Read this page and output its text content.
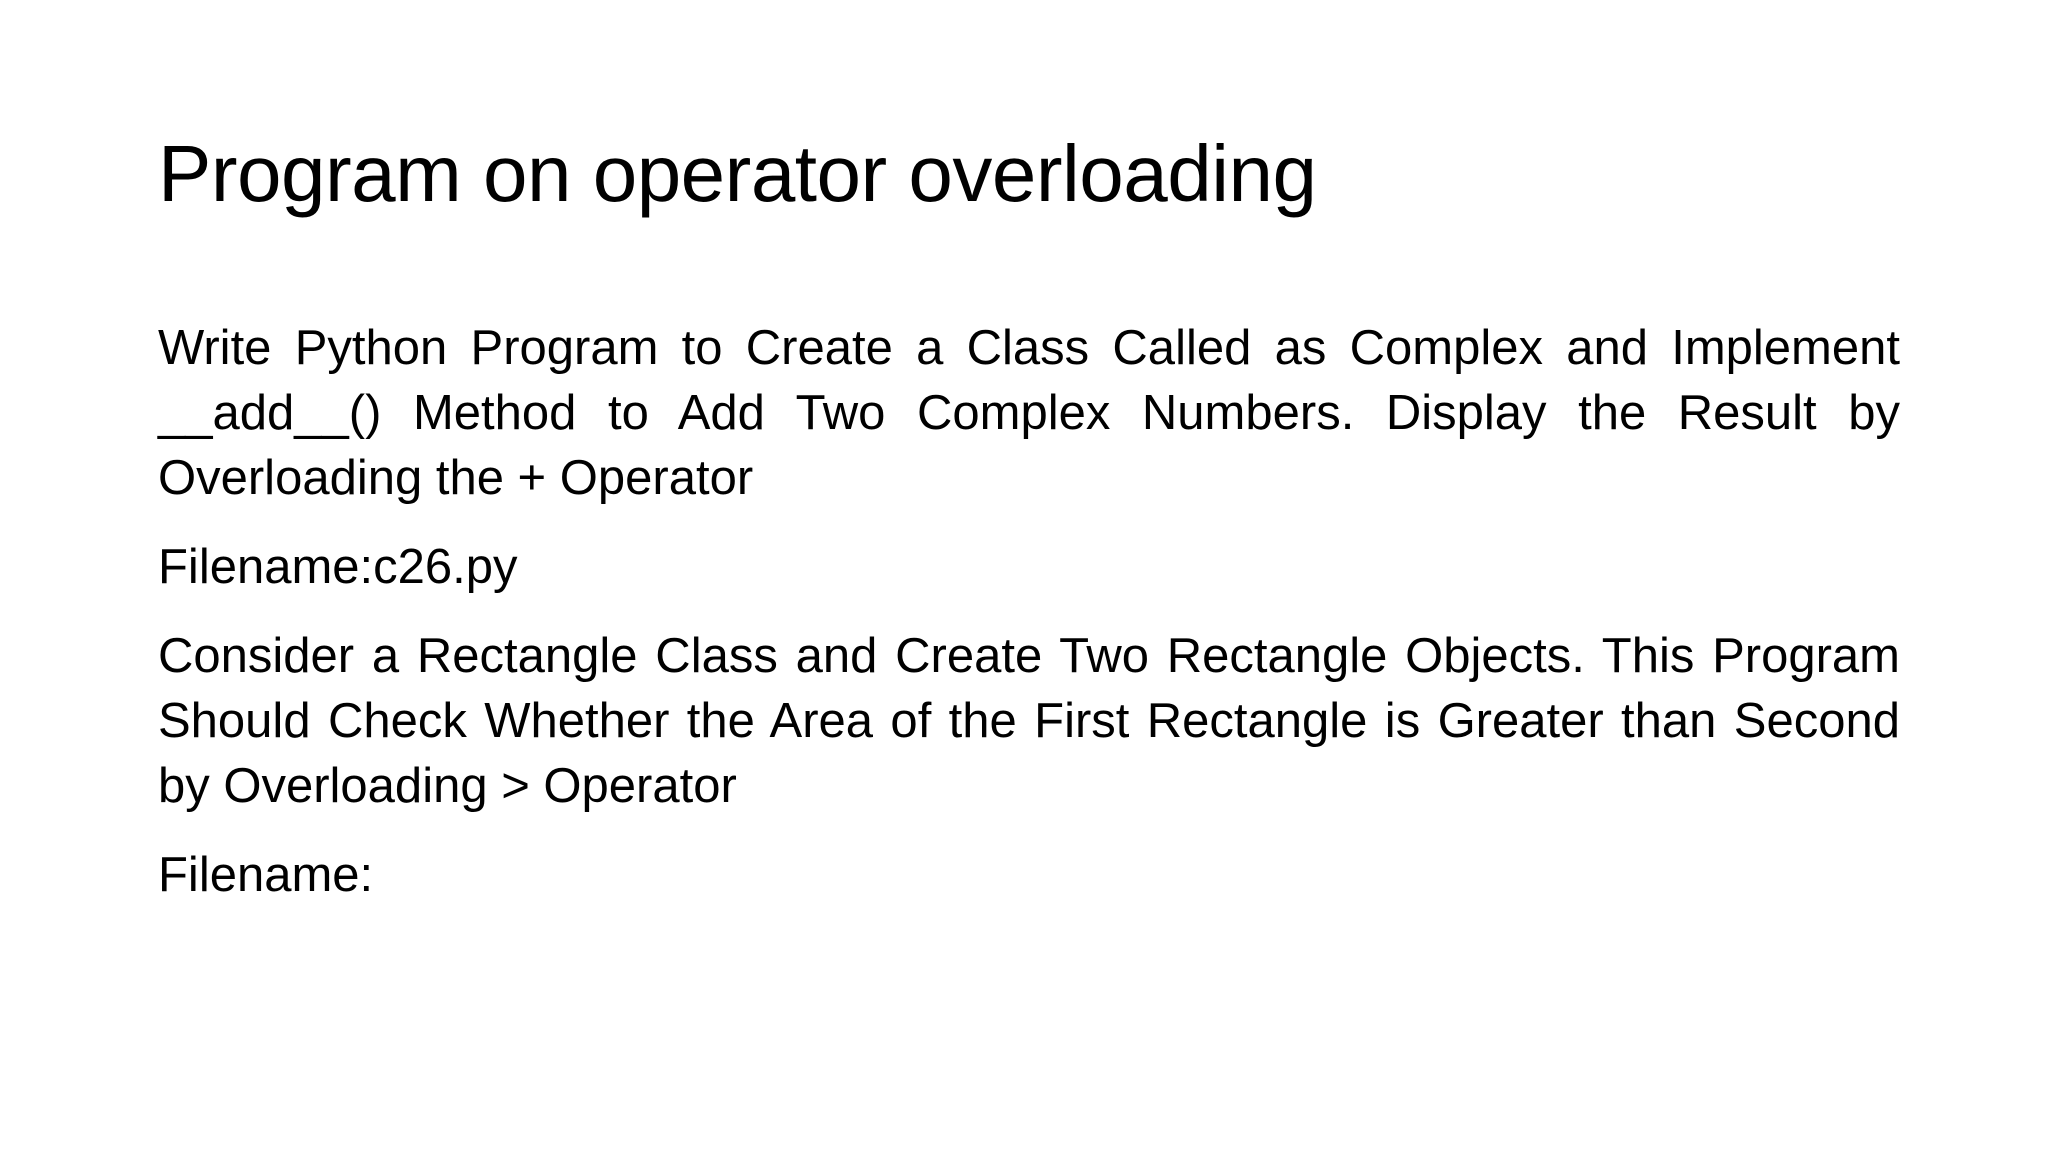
Program on operator overloading

Write Python Program to Create a Class Called as Complex and Implement __add__() Method to Add Two Complex Numbers. Display the Result by Overloading the + Operator

Filename:c26.py

Consider a Rectangle Class and Create Two Rectangle Objects. This Program Should Check Whether the Area of the First Rectangle is Greater than Second by Overloading > Operator

Filename:
